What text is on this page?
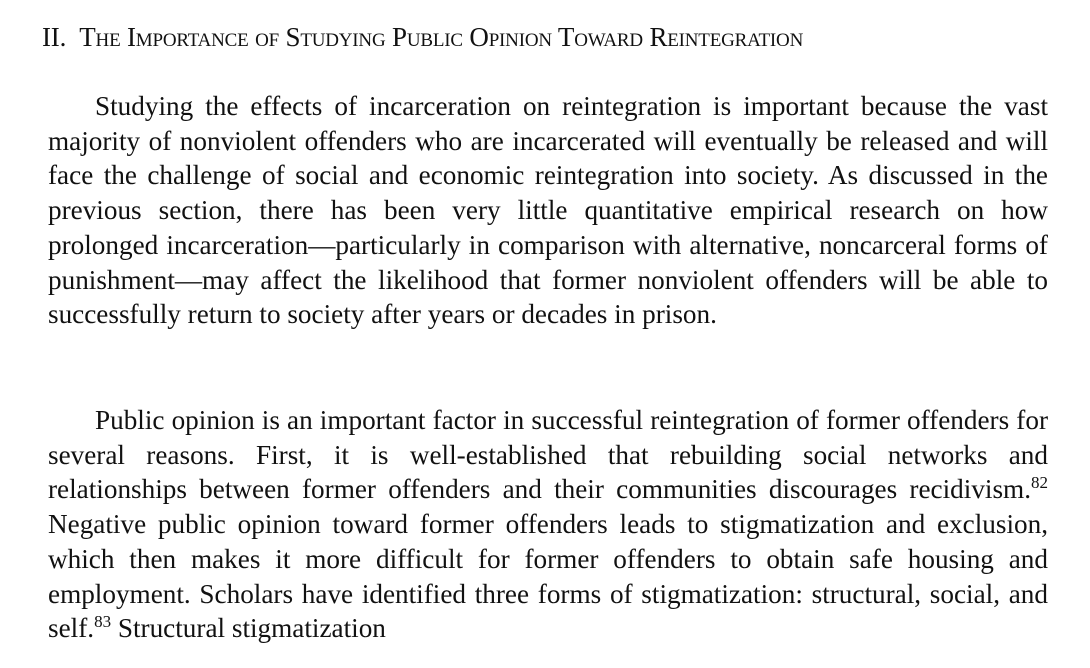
II. The Importance of Studying Public Opinion Toward Reintegration

Studying the effects of incarceration on reintegration is important because the vast majority of nonviolent offenders who are incarcerated will eventually be released and will face the challenge of social and economic reintegration into society. As discussed in the previous section, there has been very little quantitative empirical research on how prolonged incarceration—particularly in comparison with alternative, noncarceral forms of punishment—may affect the likelihood that former nonviolent offenders will be able to successfully return to society after years or decades in prison.

Public opinion is an important factor in successful reintegration of former offenders for several reasons. First, it is well-established that rebuilding social networks and relationships between former offenders and their communities discourages recidivism.$^{82}$ Negative public opinion toward former offenders leads to stigmatization and exclusion, which then makes it more difficult for former offenders to obtain safe housing and employment. Scholars have identified three forms of stigmatization: structural, social, and self.$^{83}$ Structural stigmatization
